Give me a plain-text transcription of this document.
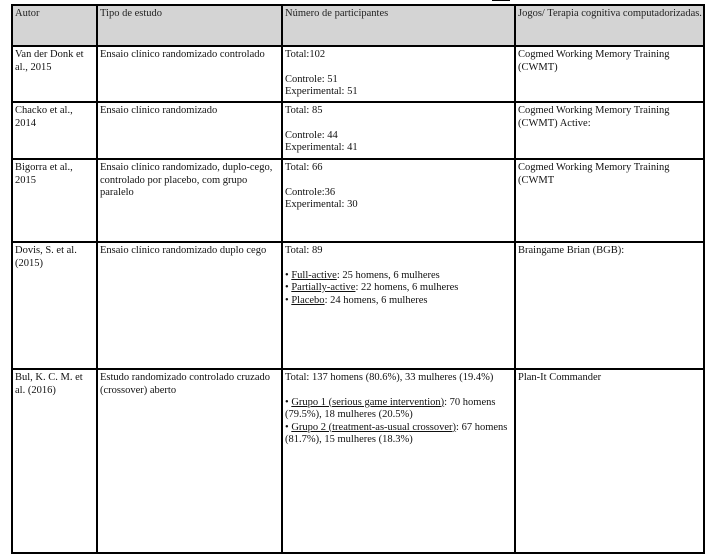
Autor	Tipo de estudo	Número de participantes	Jogos/ Terapia cognitiva computadorizadas.
Van der Donk et al., 2015	Ensaio clínico randomizado controlado	Total:102
Controle: 51
Experimental: 51	Cogmed Working Memory Training (CWMT)
Chacko et al., 2014	Ensaio clínico randomizado	Total: 85
Controle: 44
Experimental: 41	Cogmed Working Memory Training (CWMT) Active:
Bigorra et al., 2015	Ensaio clínico randomizado, duplo-cego, controlado por placebo, com grupo paralelo	Total: 66
Controle:36
Experimental: 30	Cogmed Working Memory Training (CWMT
Dovis, S. et al. (2015)	Ensaio clínico randomizado duplo cego	Total: 89
• Full-active: 25 homens, 6 mulheres
• Partially-active: 22 homens, 6 mulheres
• Placebo: 24 homens, 6 mulheres	Braingame Brian (BGB):
Bul, K. C. M. et al. (2016)	Estudo randomizado controlado cruzado (crossover) aberto	Total: 137 homens (80.6%), 33 mulheres (19.4%)
• Grupo 1 (serious game intervention): 70 homens (79.5%), 18 mulheres (20.5%)
• Grupo 2 (treatment-as-usual crossover): 67 homens (81.7%), 15 mulheres (18.3%)	Plan-It Commander
